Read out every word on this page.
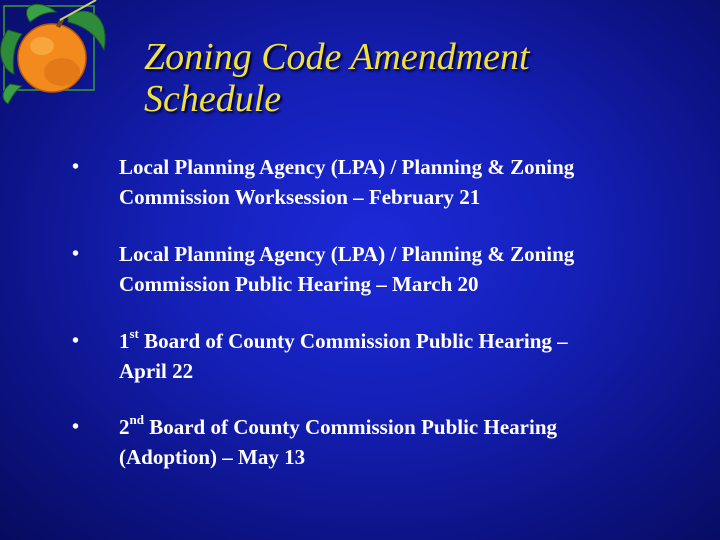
Zoning Code Amendment
Schedule
• Local Planning Agency (LPA) / Planning & Zoning
Commission Worksession – February 21
• Local Planning Agency (LPA) / Planning & Zoning
Commission Public Hearing – March 20
• 1st Board of County Commission Public Hearing –
April 22
• 2nd Board of County Commission Public Hearing
(Adoption) – May 13
